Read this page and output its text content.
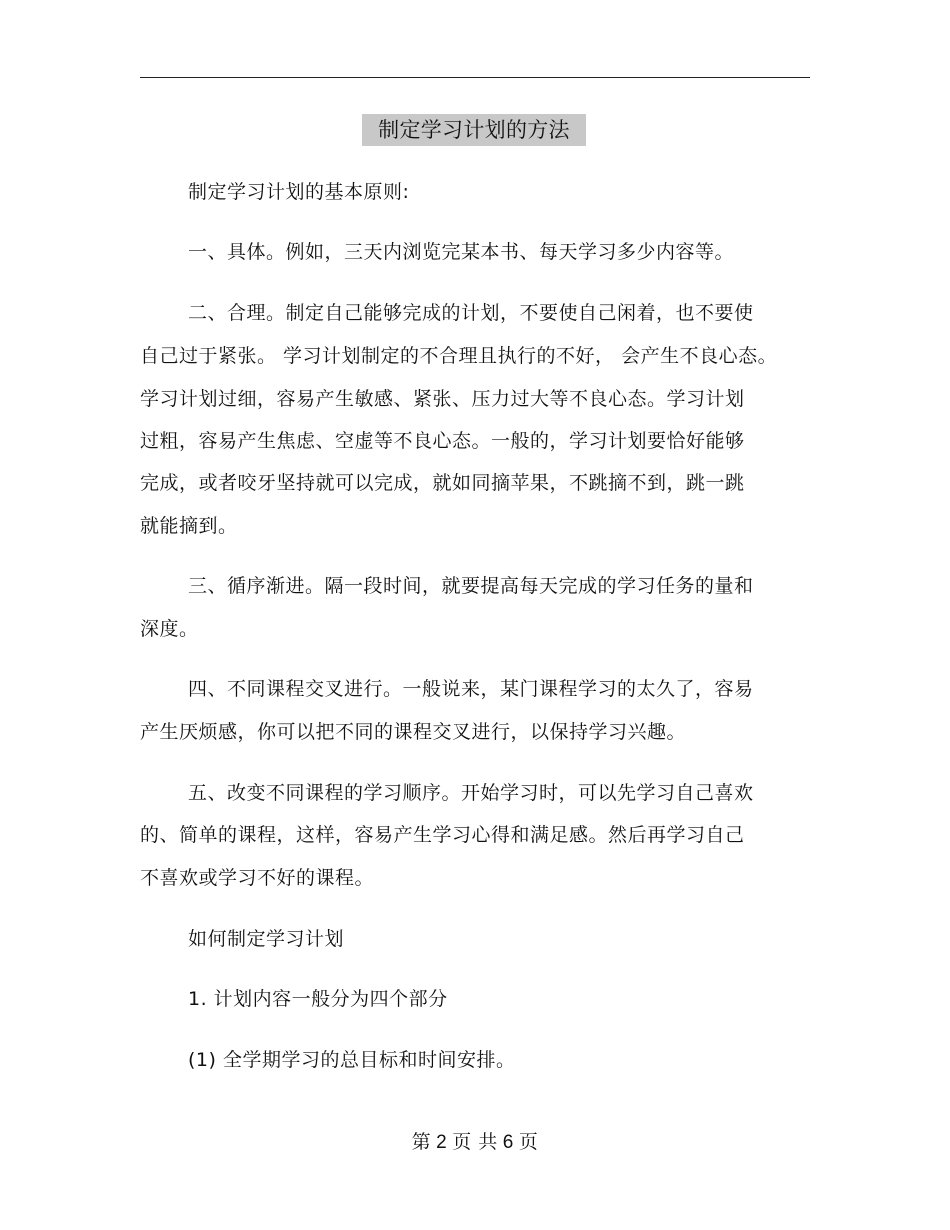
制定学习计划的方法
制定学习计划的基本原则:
一、具体。例如，三天内浏览完某本书、每天学习多少内容等。
二、合理。制定自己能够完成的计划，不要使自己闲着，也不要使
自己过于紧张。 学习计划制定的不合理且执行的不好， 会产生不良心态。
学习计划过细，容易产生敏感、紧张、压力过大等不良心态。学习计划
过粗，容易产生焦虑、空虚等不良心态。一般的，学习计划要恰好能够
完成，或者咬牙坚持就可以完成，就如同摘苹果，不跳摘不到，跳一跳
就能摘到。
三、循序渐进。隔一段时间，就要提高每天完成的学习任务的量和
深度。
四、不同课程交叉进行。一般说来，某门课程学习的太久了，容易
产生厌烦感，你可以把不同的课程交叉进行，以保持学习兴趣。
五、改变不同课程的学习顺序。开始学习时，可以先学习自己喜欢
的、简单的课程，这样，容易产生学习心得和满足感。然后再学习自己
不喜欢或学习不好的课程。
如何制定学习计划
1. 计划内容一般分为四个部分
(1) 全学期学习的总目标和时间安排。
第 2 页 共 6 页
